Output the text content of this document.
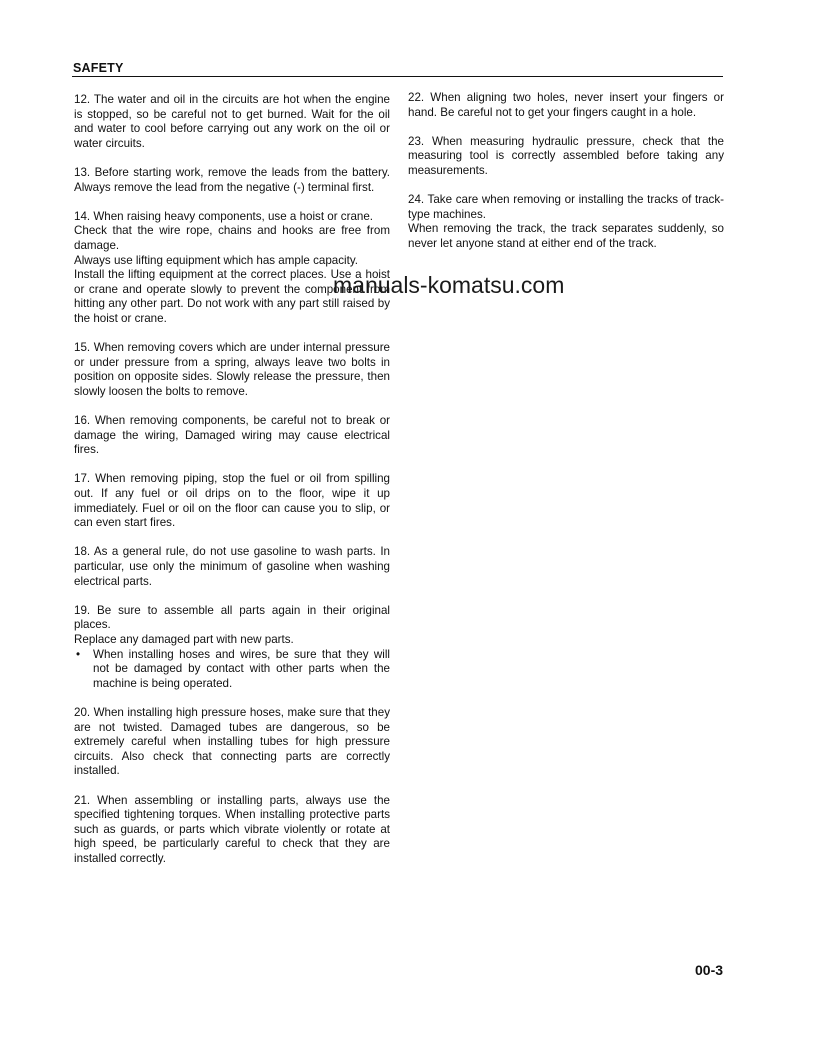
SAFETY

12. The water and oil in the circuits are hot when the engine is stopped, so be careful not to get burned. Wait for the oil and water to cool before carrying out any work on the oil or water circuits.

13. Before starting work, remove the leads from the battery. Always remove the lead from the negative (-) terminal first.

14. When raising heavy components, use a hoist or crane.

Check that the wire rope, chains and hooks are free from damage.

Always use lifting equipment which has ample capacity.

Install the lifting equipment at the correct places. Use a hoist or crane and operate slowly to prevent the component from hitting any other part. Do not work with any part still raised by the hoist or crane.

15. When removing covers which are under internal pressure or under pressure from a spring, always leave two bolts in position on opposite sides. Slowly release the pressure, then slowly loosen the bolts to remove.

16. When removing components, be careful not to break or damage the wiring, Damaged wiring may cause electrical fires.

17. When removing piping, stop the fuel or oil from spilling out. If any fuel or oil drips on to the floor, wipe it up immediately. Fuel or oil on the floor can cause you to slip, or can even start fires.

18. As a general rule, do not use gasoline to wash parts. In particular, use only the minimum of gasoline when washing electrical parts.

19. Be sure to assemble all parts again in their original places.

Replace any damaged part with new parts.

• When installing hoses and wires, be sure that they will not be damaged by contact with other parts when the machine is being operated.

20. When installing high pressure hoses, make sure that they are not twisted. Damaged tubes are dangerous, so be extremely careful when installing tubes for high pressure circuits. Also check that connecting parts are correctly installed.

21. When assembling or installing parts, always use the specified tightening torques. When installing protective parts such as guards, or parts which vibrate violently or rotate at high speed, be particularly careful to check that they are installed correctly.

22. When aligning two holes, never insert your fingers or hand. Be careful not to get your fingers caught in a hole.

23. When measuring hydraulic pressure, check that the measuring tool is correctly assembled before taking any measurements.

24. Take care when removing or installing the tracks of track-type machines.

When removing the track, the track separates suddenly, so never let anyone stand at either end of the track.

manuals-komatsu.com
00-3
